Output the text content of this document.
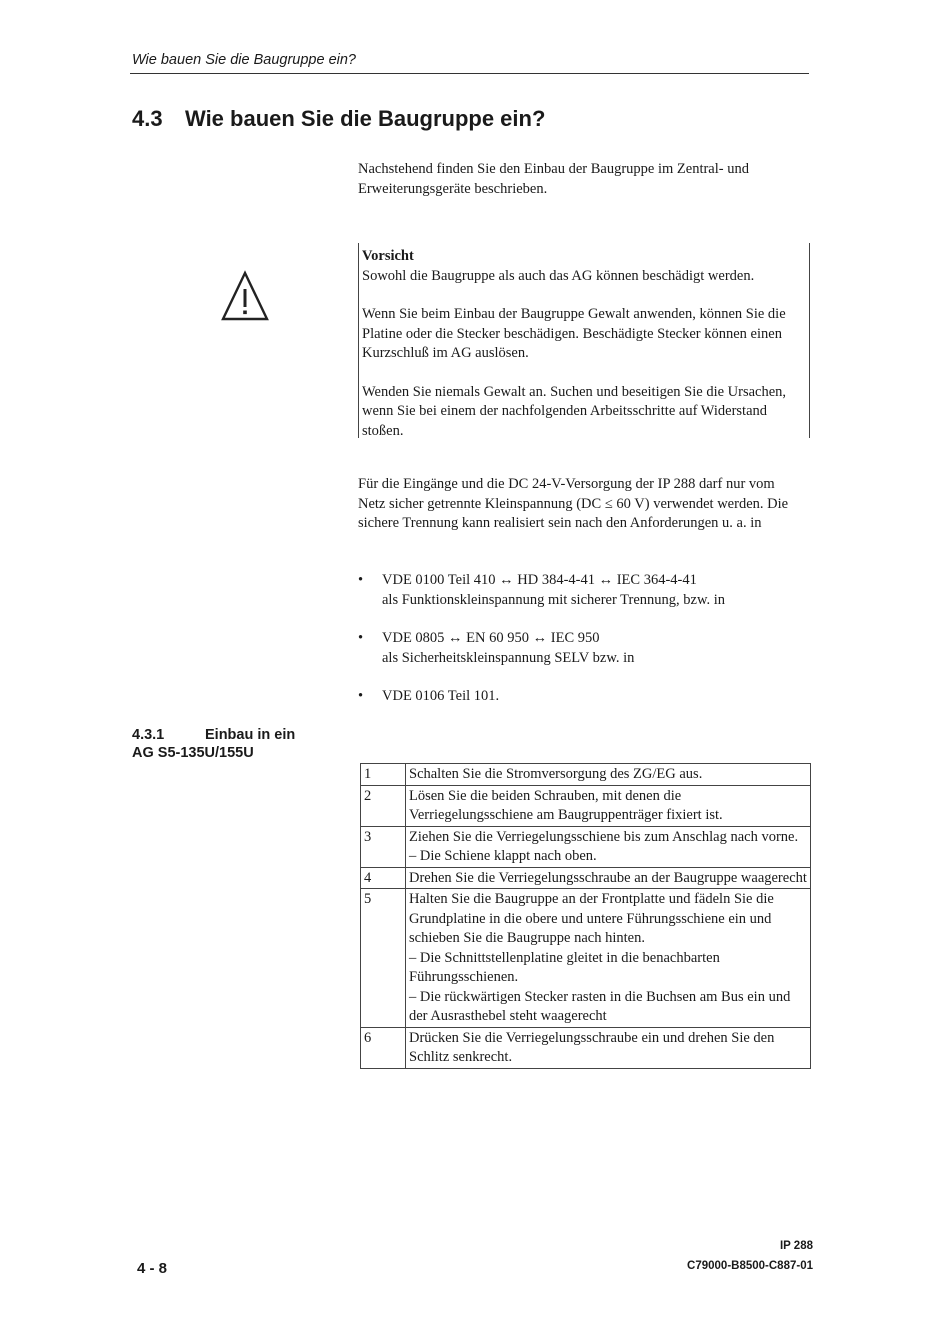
Wie bauen Sie die Baugruppe ein?
4.3 Wie bauen Sie die Baugruppe ein?
Nachstehend finden Sie den Einbau der Baugruppe im Zentral- und Erweiterungsgeräte beschrieben.

Vorsicht

Sowohl die Baugruppe als auch das AG können beschädigt werden.

Wenn Sie beim Einbau der Baugruppe Gewalt anwenden, können Sie die Platine oder die Stecker beschädigen. Beschädigte Stecker können einen Kurzschluß im AG auslösen.

Wenden Sie niemals Gewalt an. Suchen und beseitigen Sie die Ursachen, wenn Sie bei einem der nachfolgenden Arbeitsschritte auf Widerstand stoßen.

Für die Eingänge und die DC 24-V-Versorgung der IP 288 darf nur vom Netz sicher getrennte Kleinspannung (DC ≤ 60 V) verwendet werden. Die sichere Trennung kann realisiert sein nach den Anforderungen u. a. in
• VDE 0100 Teil 410 ↔ HD 384-4-41 ↔ IEC 364-4-41
als Funktionskleinspannung mit sicherer Trennung, bzw. in
• VDE 0805 ↔ EN 60 950 ↔ IEC 950
als Sicherheitskleinspannung SELV bzw. in
• VDE 0106 Teil 101.
4.3.1	Einbau in ein
AG S5-135U/155U
1	Schalten Sie die Stromversorgung des ZG/EG aus.

2	Lösen Sie die beiden Schrauben, mit denen die Verriegelungsschiene am Baugruppenträger fixiert ist.

3	Ziehen Sie die Verriegelungsschiene bis zum Anschlag nach vorne.
– Die Schiene klappt nach oben.

4	Drehen Sie die Verriegelungsschraube an der Baugruppe waagerecht

5	Halten Sie die Baugruppe an der Frontplatte und fädeln Sie die Grundplatine in die obere und untere Führungsschiene ein und schieben Sie die Baugruppe nach hinten.
– Die Schnittstellenplatine gleitet in die benachbarten Führungsschienen.
– Die rückwärtigen Stecker rasten in die Buchsen am Bus ein und der Ausrasthebel steht waagerecht

6	Drücken Sie die Verriegelungsschraube ein und drehen Sie den Schlitz senkrecht.
4 - 8
IP 288
C79000-B8500-C887-01
